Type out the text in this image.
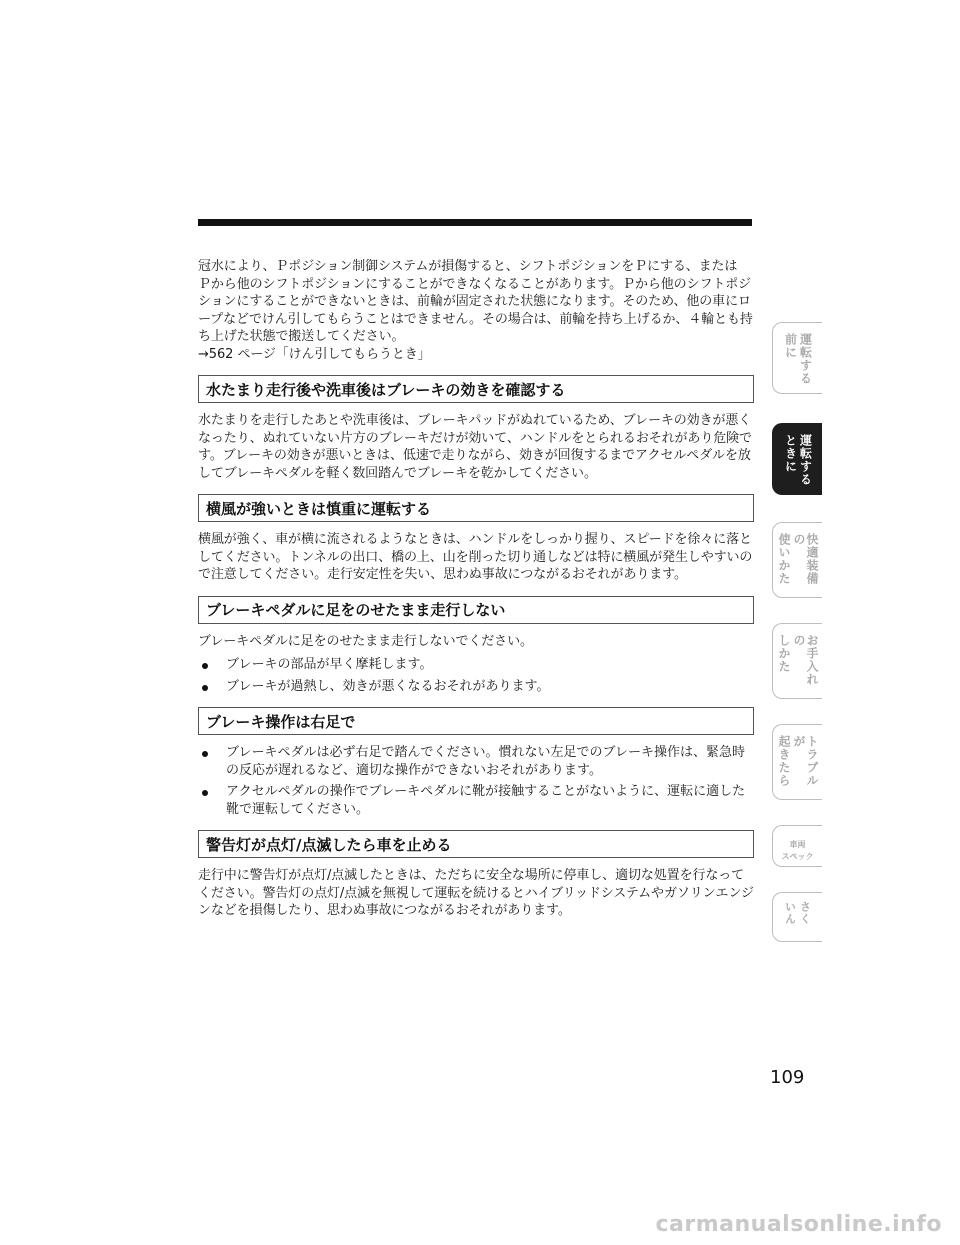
冠水により、Ｐポジション制御システムが損傷すると、シフトポジションをＰにする、または Ｐから他のシフトポジションにすることができなくなることがあります。Ｐから他のシフトポジションにすることができないときは、前輪が固定された状態になります。そのため、他の車にロープなどでけん引してもらうことはできません。その場合は、前輪を持ち上げるか、４輪とも持ち上げた状態で搬送してください。

→562 ページ「けん引してもらうとき」

水たまり走行後や洗車後はブレーキの効きを確認する

水たまりを走行したあとや洗車後は、ブレーキパッドがぬれているため、ブレーキの効きが悪くなったり、ぬれていない片方のブレーキだけが効いて、ハンドルをとられるおそれがあり危険です。ブレーキの効きが悪いときは、低速で走りながら、効きが回復するまでアクセルペダルを放してブレーキペダルを軽く数回踏んでブレーキを乾かしてください。

横風が強いときは慎重に運転する

横風が強く、車が横に流されるようなときは、ハンドルをしっかり握り、スピードを徐々に落としてください。トンネルの出口、橋の上、山を削った切り通しなどは特に横風が発生しやすいので注意してください。走行安定性を失い、思わぬ事故につながるおそれがあります。

ブレーキペダルに足をのせたまま走行しない

ブレーキペダルに足をのせたまま走行しないでください。

ブレーキの部品が早く摩耗します。
ブレーキが過熱し、効きが悪くなるおそれがあります。
ブレーキ操作は右足で
ブレーキペダルは必ず右足で踏んでください。慣れない左足でのブレーキ操作は、緊急時の反応が遅れるなど、適切な操作ができないおそれがあります。
アクセルペダルの操作でブレーキペダルに靴が接触することがないように、運転に適した靴で運転してください。
警告灯が点灯/点滅したら車を止める

走行中に警告灯が点灯/点滅したときは、ただちに安全な場所に停車し、適切な処置を行なってください。警告灯の点灯/点滅を無視して運転を続けるとハイブリッドシステムやガソリンエンジンなどを損傷したり、思わぬ事故につながるおそれがあります。

運転する
前に
運転する
ときに
快適装備の
使いかた
お手入れの
しかた
トラブルが
起きたら
車両
スペック
さく
いん
109
carmanualsonline.info
